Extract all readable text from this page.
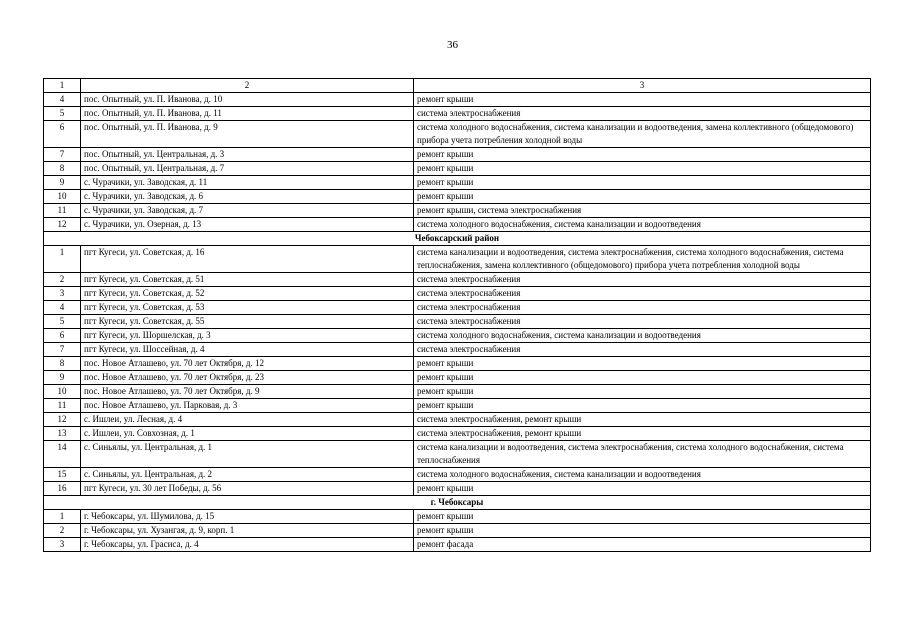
36
1	2	3
4	пос. Опытный, ул. П. Иванова, д. 10	ремонт крыши
5	пос. Опытный, ул. П. Иванова, д. 11	система электроснабжения
6	пос. Опытный, ул. П. Иванова, д. 9	система холодного водоснабжения, система канализации и водоотведения, замена коллективного (общедомового) прибора учета потребления холодной воды
7	пос. Опытный, ул. Центральная, д. 3	ремонт крыши
8	пос. Опытный, ул. Центральная, д. 7	ремонт крыши
9	с. Чурачики, ул. Заводская, д. 11	ремонт крыши
10	с. Чурачики, ул. Заводская, д. 6	ремонт крыши
11	с. Чурачики, ул. Заводская, д. 7	ремонт крыши, система электроснабжения
12	с. Чурачики, ул. Озерная, д. 13	система холодного водоснабжения, система канализации и водоотведения
Чебоксарский район		
1	пгт Кугеси, ул. Советская, д. 16	система канализации и водоотведения, система электроснабжения, система холодного водоснабжения, система теплоснабжения, замена коллективного (общедомового) прибора учета потребления холодной воды
2	пгт Кугеси, ул. Советская, д. 51	система электроснабжения
3	пгт Кугеси, ул. Советская, д. 52	система электроснабжения
4	пгт Кугеси, ул. Советская, д. 53	система электроснабжения
5	пгт Кугеси, ул. Советская, д. 55	система электроснабжения
6	пгт Кугеси, ул. Шоршелская, д. 3	система холодного водоснабжения, система канализации и водоотведения
7	пгт Кугеси, ул. Шоссейная, д. 4	система электроснабжения
8	пос. Новое Атлашево, ул. 70 лет Октября, д. 12	ремонт крыши
9	пос. Новое Атлашево, ул. 70 лет Октября, д. 23	ремонт крыши
10	пос. Новое Атлашево, ул. 70 лет Октября, д. 9	ремонт крыши
11	пос. Новое Атлашево, ул. Парковая, д. 3	ремонт крыши
12	с. Ишлеи, ул. Лесная, д. 4	система электроснабжения, ремонт крыши
13	с. Ишлеи, ул. Совхозная, д. 1	система электроснабжения, ремонт крыши
14	с. Синьялы, ул. Центральная, д. 1	система канализации и водоотведения, система электроснабжения, система холодного водоснабжения, система теплоснабжения
15	с. Синьялы, ул. Центральная, д. 2	система холодного водоснабжения, система канализации и водоотведения
16	пгт Кугеси, ул. 30 лет Победы, д. 56	ремонт крыши
г. Чебоксары		
1	г. Чебоксары, ул. Шумилова, д. 15	ремонт крыши
2	г. Чебоксары, ул. Хузангая, д. 9, корп. 1	ремонт крыши
3	г. Чебоксары, ул. Грасиса, д. 4	ремонт фасада
